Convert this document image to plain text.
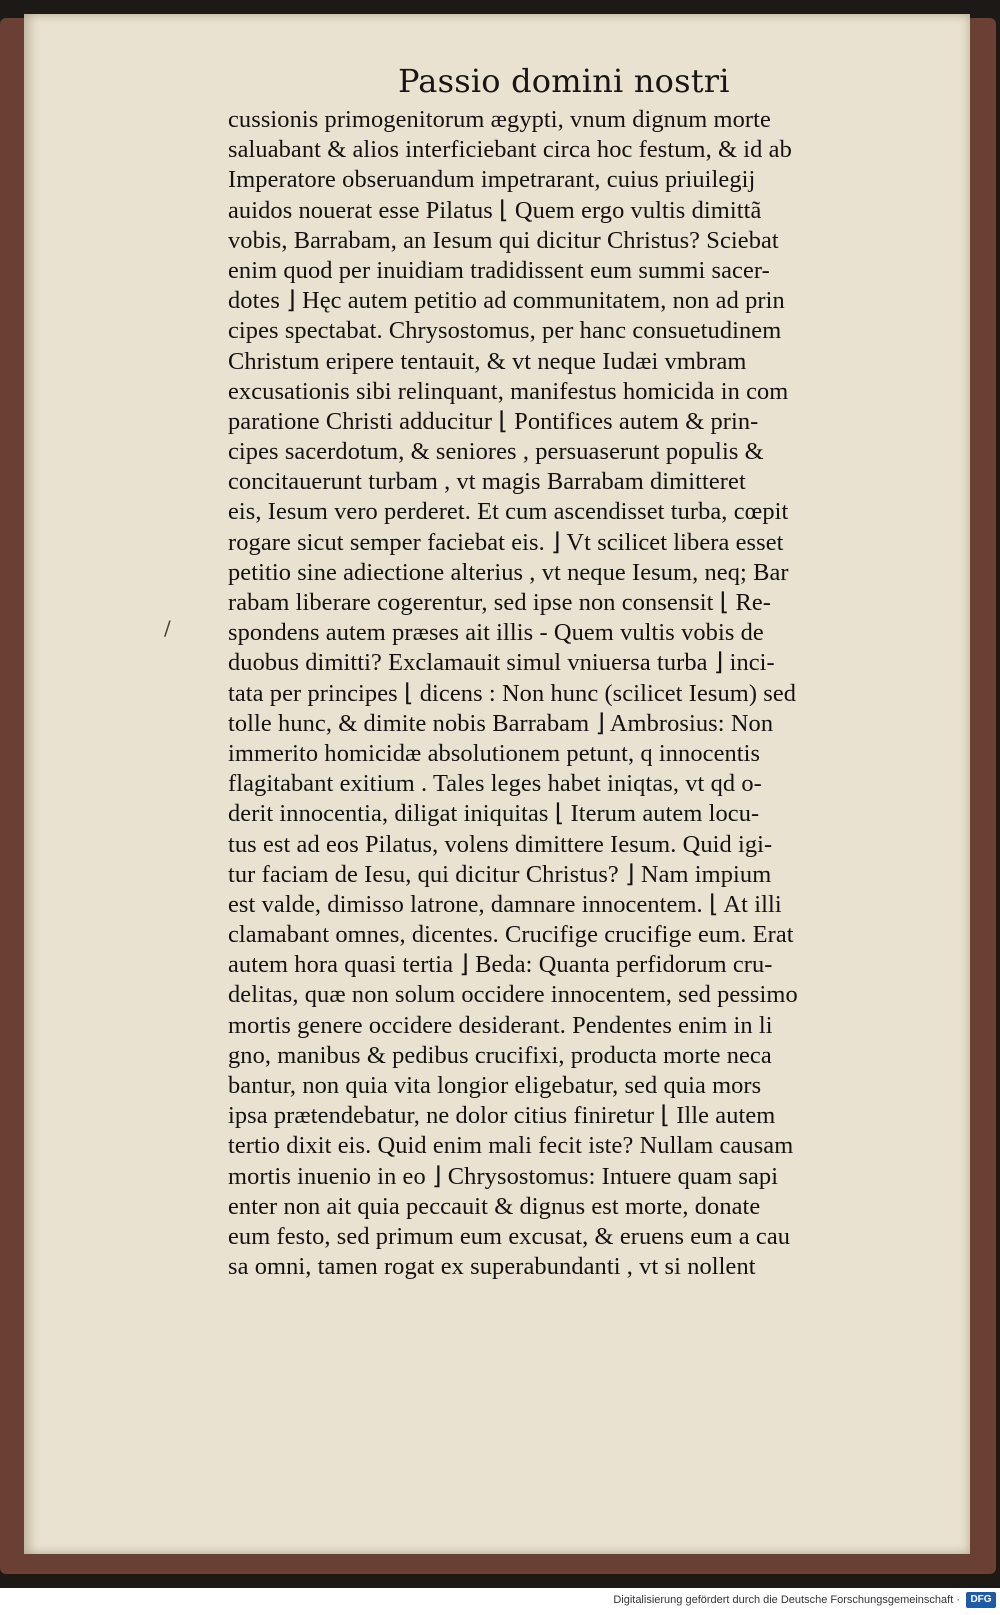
Passio domini nostri
cussionis primogenitorum ægypti, vnum dignum morte
saluabant & alios interficiebant circa hoc festum, & id ab
Imperatore obseruandum impetrarant, cuius priuilegij
auidos nouerat esse Pilatus ⌊ Quem ergo vultis dimittã
vobis, Barrabam, an Iesum qui dicitur Christus? Sciebat
enim quod per inuidiam tradidissent eum summi sacer-
dotes ⌋ Hęc autem petitio ad communitatem, non ad prin
cipes spectabat. Chrysostomus, per hanc consuetudinem
Christum eripere tentauit, & vt neque Iudæi vmbram
excusationis sibi relinquant, manifestus homicida in com
paratione Christi adducitur ⌊ Pontifices autem & prin-
cipes sacerdotum, & seniores , persuaserunt populis &
concitauerunt turbam , vt magis Barrabam dimitteret
eis, Iesum vero perderet. Et cum ascendisset turba, cœpit
rogare sicut semper faciebat eis. ⌋ Vt scilicet libera esset
petitio sine adiectione alterius , vt neque Iesum, neq; Bar
rabam liberare cogerentur, sed ipse non consensit ⌊ Re-
spondens autem præses ait illis - Quem vultis vobis de
duobus dimitti? Exclamauit simul vniuersa turba ⌋ inci-
tata per principes ⌊ dicens : Non hunc (scilicet Iesum) sed
tolle hunc, & dimite nobis Barrabam ⌋ Ambrosius: Non
immerito homicidæ absolutionem petunt, q innocentis
flagitabant exitium . Tales leges habet iniqtas, vt qd o-
derit innocentia, diligat iniquitas ⌊ Iterum autem locu-
tus est ad eos Pilatus, volens dimittere Iesum. Quid igi-
tur faciam de Iesu, qui dicitur Christus? ⌋ Nam impium
est valde, dimisso latrone, damnare innocentem. ⌊ At illi
clamabant omnes, dicentes. Crucifige crucifige eum. Erat
autem hora quasi tertia ⌋ Beda: Quanta perfidorum cru-
delitas, quæ non solum occidere innocentem, sed pessimo
mortis genere occidere desiderant. Pendentes enim in li
gno, manibus & pedibus crucifixi, producta morte neca
bantur, non quia vita longior eligebatur, sed quia mors
ipsa prætendebatur, ne dolor citius finiretur ⌊ Ille autem
tertio dixit eis. Quid enim mali fecit iste? Nullam causam
mortis inuenio in eo ⌋ Chrysostomus: Intuere quam sapi
enter non ait quia peccauit & dignus est morte, donate
eum festo, sed primum eum excusat, & eruens eum a cau
sa omni, tamen rogat ex superabundanti , vt si nollent
/
Digitalisierung gefördert durch die Deutsche Forschungsgemeinschaft ·	DFG
